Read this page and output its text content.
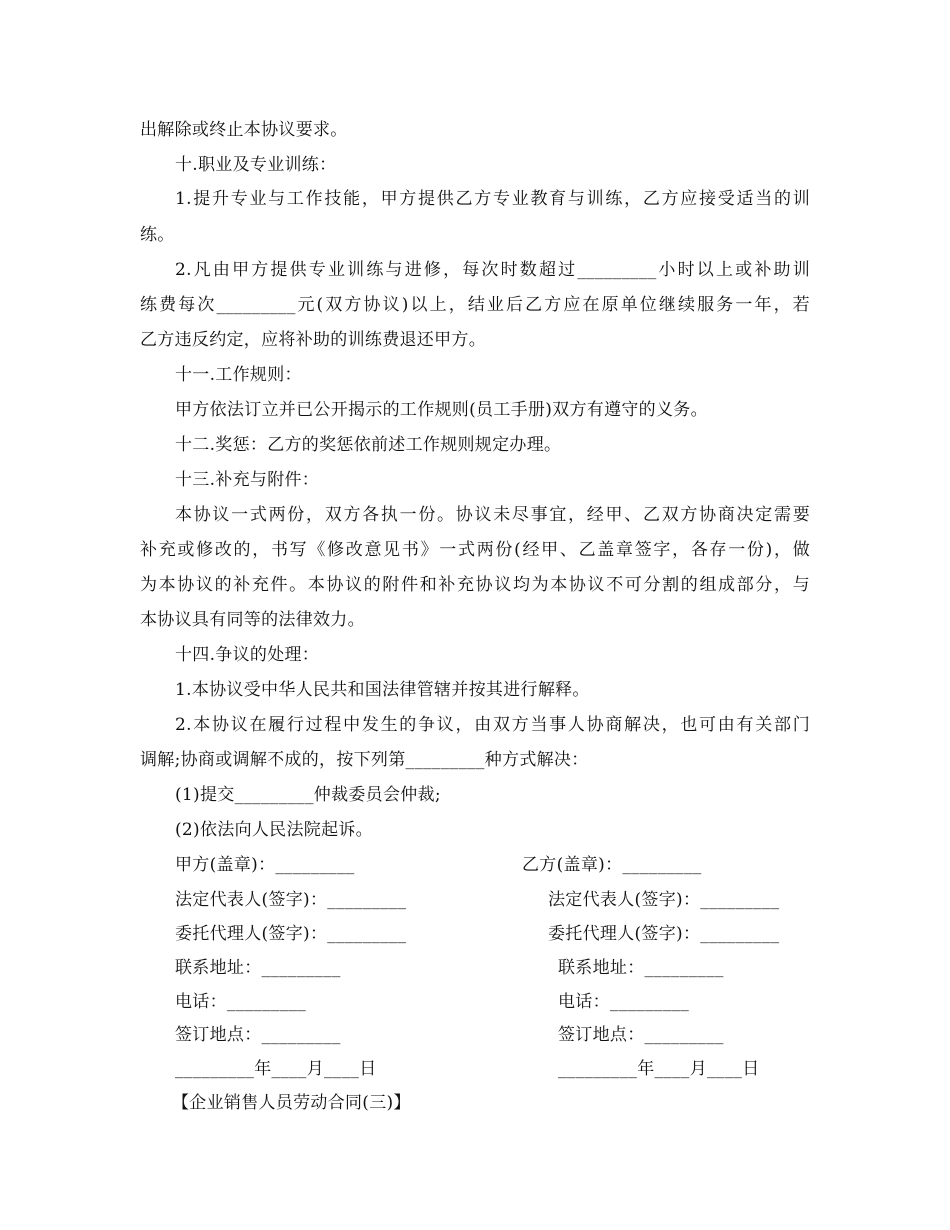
出解除或终止本协议要求。
十.职业及专业训练：
1.提升专业与工作技能，甲方提供乙方专业教育与训练，乙方应接受适当的训
练。
2.凡由甲方提供专业训练与进修，每次时数超过_________小时以上或补助训
练费每次_________元(双方协议)以上，结业后乙方应在原单位继续服务一年，若
乙方违反约定，应将补助的训练费退还甲方。
十一.工作规则：
甲方依法订立并已公开揭示的工作规则(员工手册)双方有遵守的义务。
十二.奖惩：乙方的奖惩依前述工作规则规定办理。
十三.补充与附件：
本协议一式两份，双方各执一份。协议未尽事宜，经甲、乙双方协商决定需要
补充或修改的，书写《修改意见书》一式两份(经甲、乙盖章签字，各存一份)，做
为本协议的补充件。本协议的附件和补充协议均为本协议不可分割的组成部分，与
本协议具有同等的法律效力。
十四.争议的处理：
1.本协议受中华人民共和国法律管辖并按其进行解释。
2.本协议在履行过程中发生的争议，由双方当事人协商解决，也可由有关部门
调解;协商或调解不成的，按下列第_________种方式解决：
(1)提交_________仲裁委员会仲裁;
(2)依法向人民法院起诉。
甲方(盖章)：_________
法定代表人(签字)：_________
委托代理人(签字)：_________
联系地址：_________
电话：_________
签订地点：_________
_________年____月____日
乙方(盖章)：_________
法定代表人(签字)：_________
委托代理人(签字)：_________
联系地址：_________
电话：_________
签订地点：_________
_________年____月____日
【企业销售人员劳动合同(三)】
